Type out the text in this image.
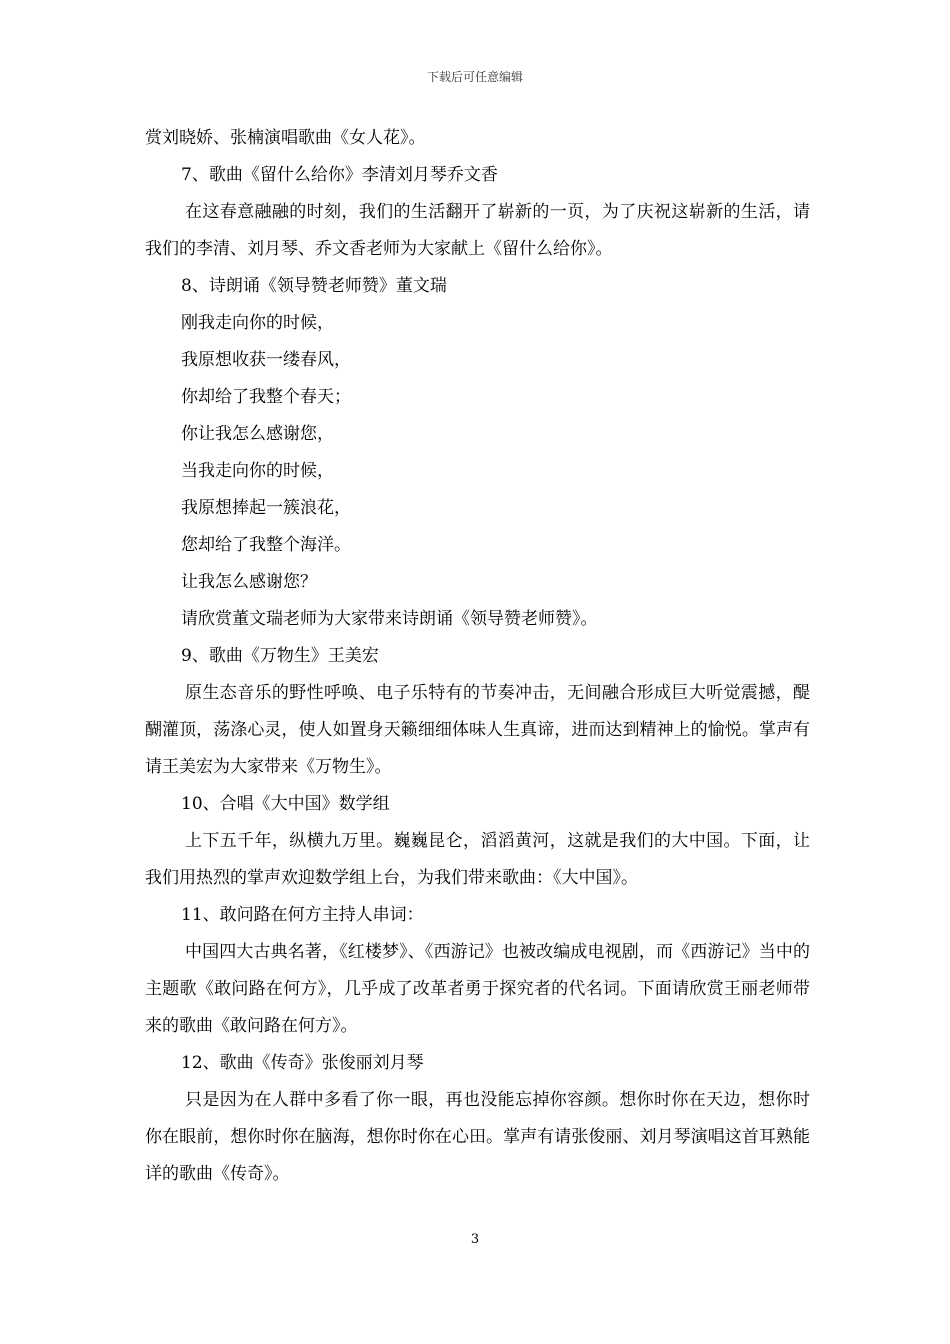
下载后可任意编辑

赏刘晓娇、张楠演唱歌曲《女人花》。

7、歌曲《留什么给你》李清刘月琴乔文香

在这春意融融的时刻，我们的生活翻开了崭新的一页，为了庆祝这崭新的生活，请我们的李清、刘月琴、乔文香老师为大家献上《留什么给你》。

8、诗朗诵《领导赞老师赞》董文瑞

刚我走向你的时候，

我原想收获一缕春风，

你却给了我整个春天；

你让我怎么感谢您，

当我走向你的时候，

我原想捧起一簇浪花，

您却给了我整个海洋。

让我怎么感谢您？

请欣赏董文瑞老师为大家带来诗朗诵《领导赞老师赞》。

9、歌曲《万物生》王美宏

原生态音乐的野性呼唤、电子乐特有的节奏冲击，无间融合形成巨大听觉震撼，醍醐灌顶，荡涤心灵，使人如置身天籁细细体味人生真谛，进而达到精神上的愉悦。掌声有请王美宏为大家带来《万物生》。

10、合唱《大中国》数学组

上下五千年，纵横九万里。巍巍昆仑，滔滔黄河，这就是我们的大中国。下面，让我们用热烈的掌声欢迎数学组上台，为我们带来歌曲：《大中国》。

11、敢问路在何方主持人串词：

中国四大古典名著，《红楼梦》、《西游记》也被改编成电视剧，而《西游记》当中的主题歌《敢问路在何方》，几乎成了改革者勇于探究者的代名词。下面请欣赏王丽老师带来的歌曲《敢问路在何方》。

12、歌曲《传奇》张俊丽刘月琴

只是因为在人群中多看了你一眼，再也没能忘掉你容颜。想你时你在天边，想你时你在眼前，想你时你在脑海，想你时你在心田。掌声有请张俊丽、刘月琴演唱这首耳熟能详的歌曲《传奇》。

3
